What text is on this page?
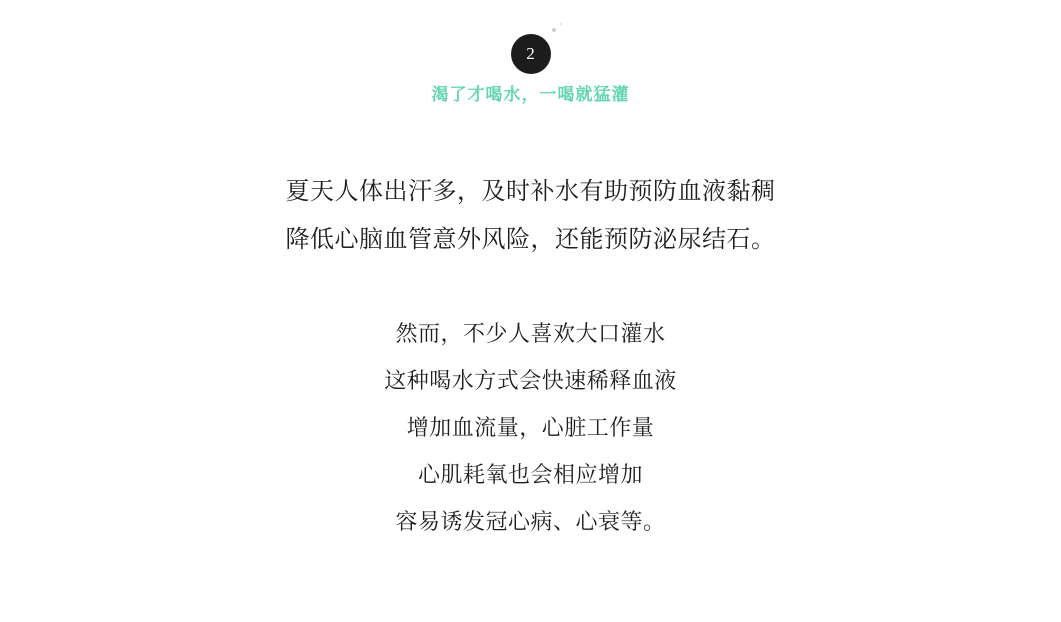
2
渴了才喝水，一喝就猛灌
夏天人体出汗多，及时补水有助预防血液黏稠
降低心脑血管意外风险，还能预防泌尿结石。
然而，不少人喜欢大口灌水
这种喝水方式会快速稀释血液
增加血流量，心脏工作量
心肌耗氧也会相应增加
容易诱发冠心病、心衰等。
